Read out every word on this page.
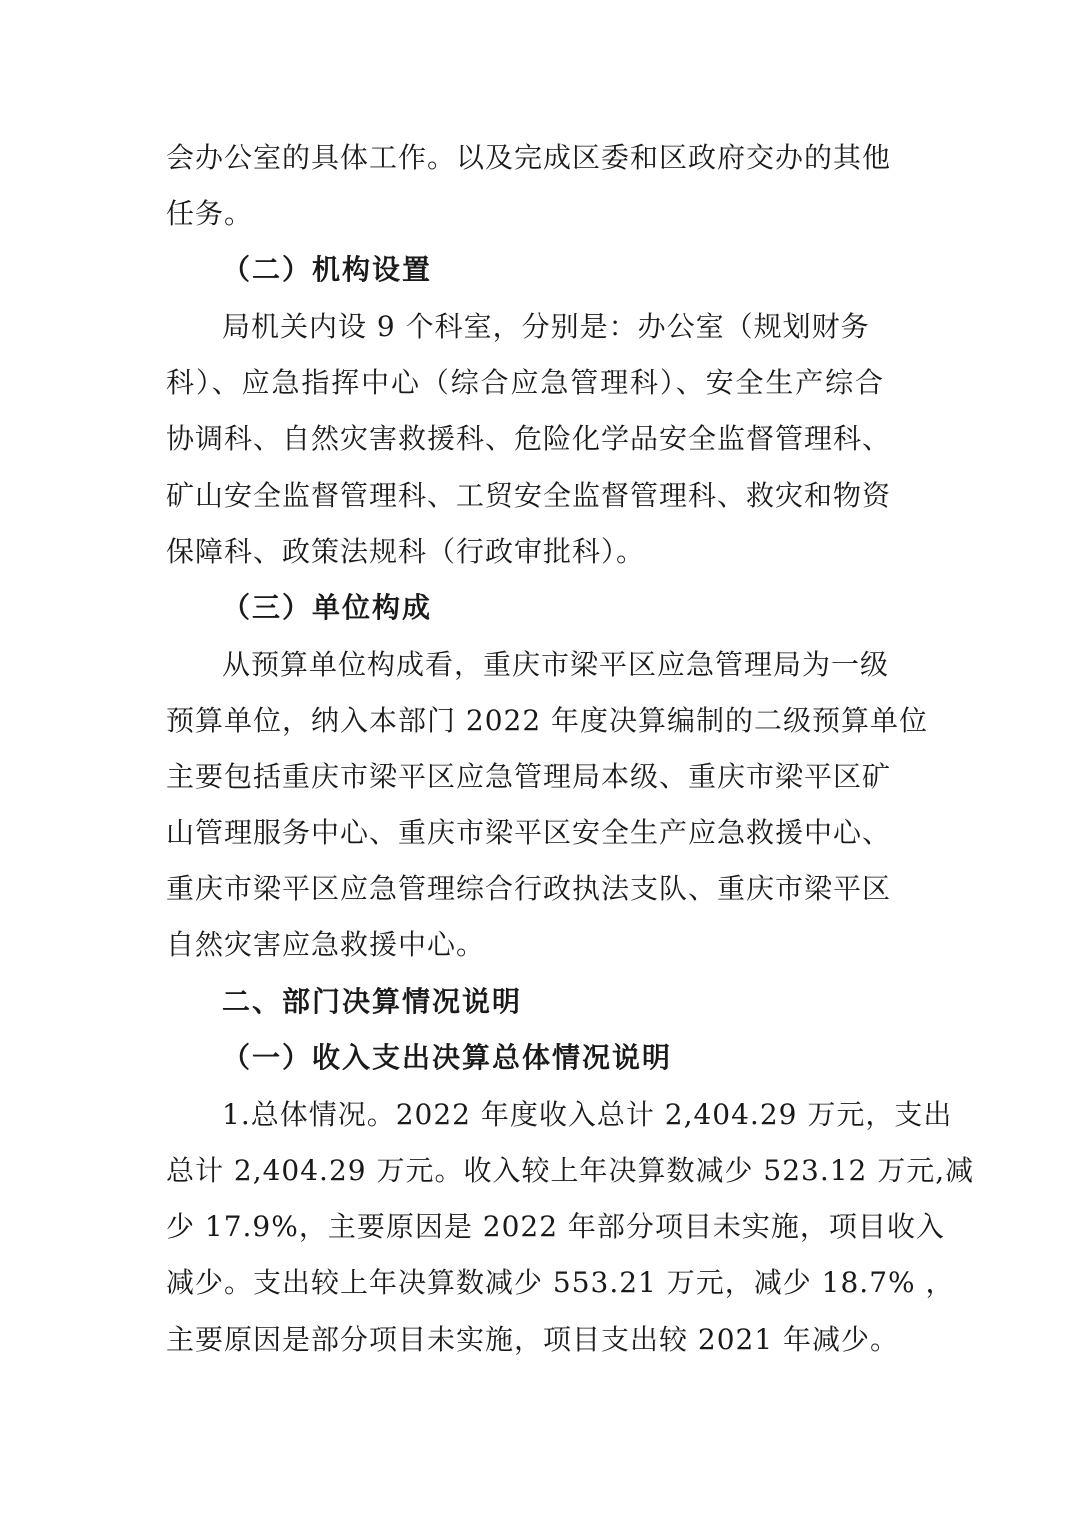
会办公室的具体工作。以及完成区委和区政府交办的其他
任务。
（二）机构设置
局机关内设 9 个科室，分别是：办公室（规划财务
科）、应急指挥中心（综合应急管理科）、安全生产综合
协调科、自然灾害救援科、危险化学品安全监督管理科、
矿山安全监督管理科、工贸安全监督管理科、救灾和物资
保障科、政策法规科（行政审批科）。
（三）单位构成
从预算单位构成看，重庆市梁平区应急管理局为一级
预算单位，纳入本部门 2022 年度决算编制的二级预算单位
主要包括重庆市梁平区应急管理局本级、重庆市梁平区矿
山管理服务中心、重庆市梁平区安全生产应急救援中心、
重庆市梁平区应急管理综合行政执法支队、重庆市梁平区
自然灾害应急救援中心。
二、部门决算情况说明
（一）收入支出决算总体情况说明
1.总体情况。2022 年度收入总计 2,404.29 万元，支出
总计 2,404.29 万元。收入较上年决算数减少 523.12 万元,减
少 17.9%，主要原因是 2022 年部分项目未实施，项目收入
减少。支出较上年决算数减少 553.21 万元，减少 18.7% ，
主要原因是部分项目未实施，项目支出较 2021 年减少。
